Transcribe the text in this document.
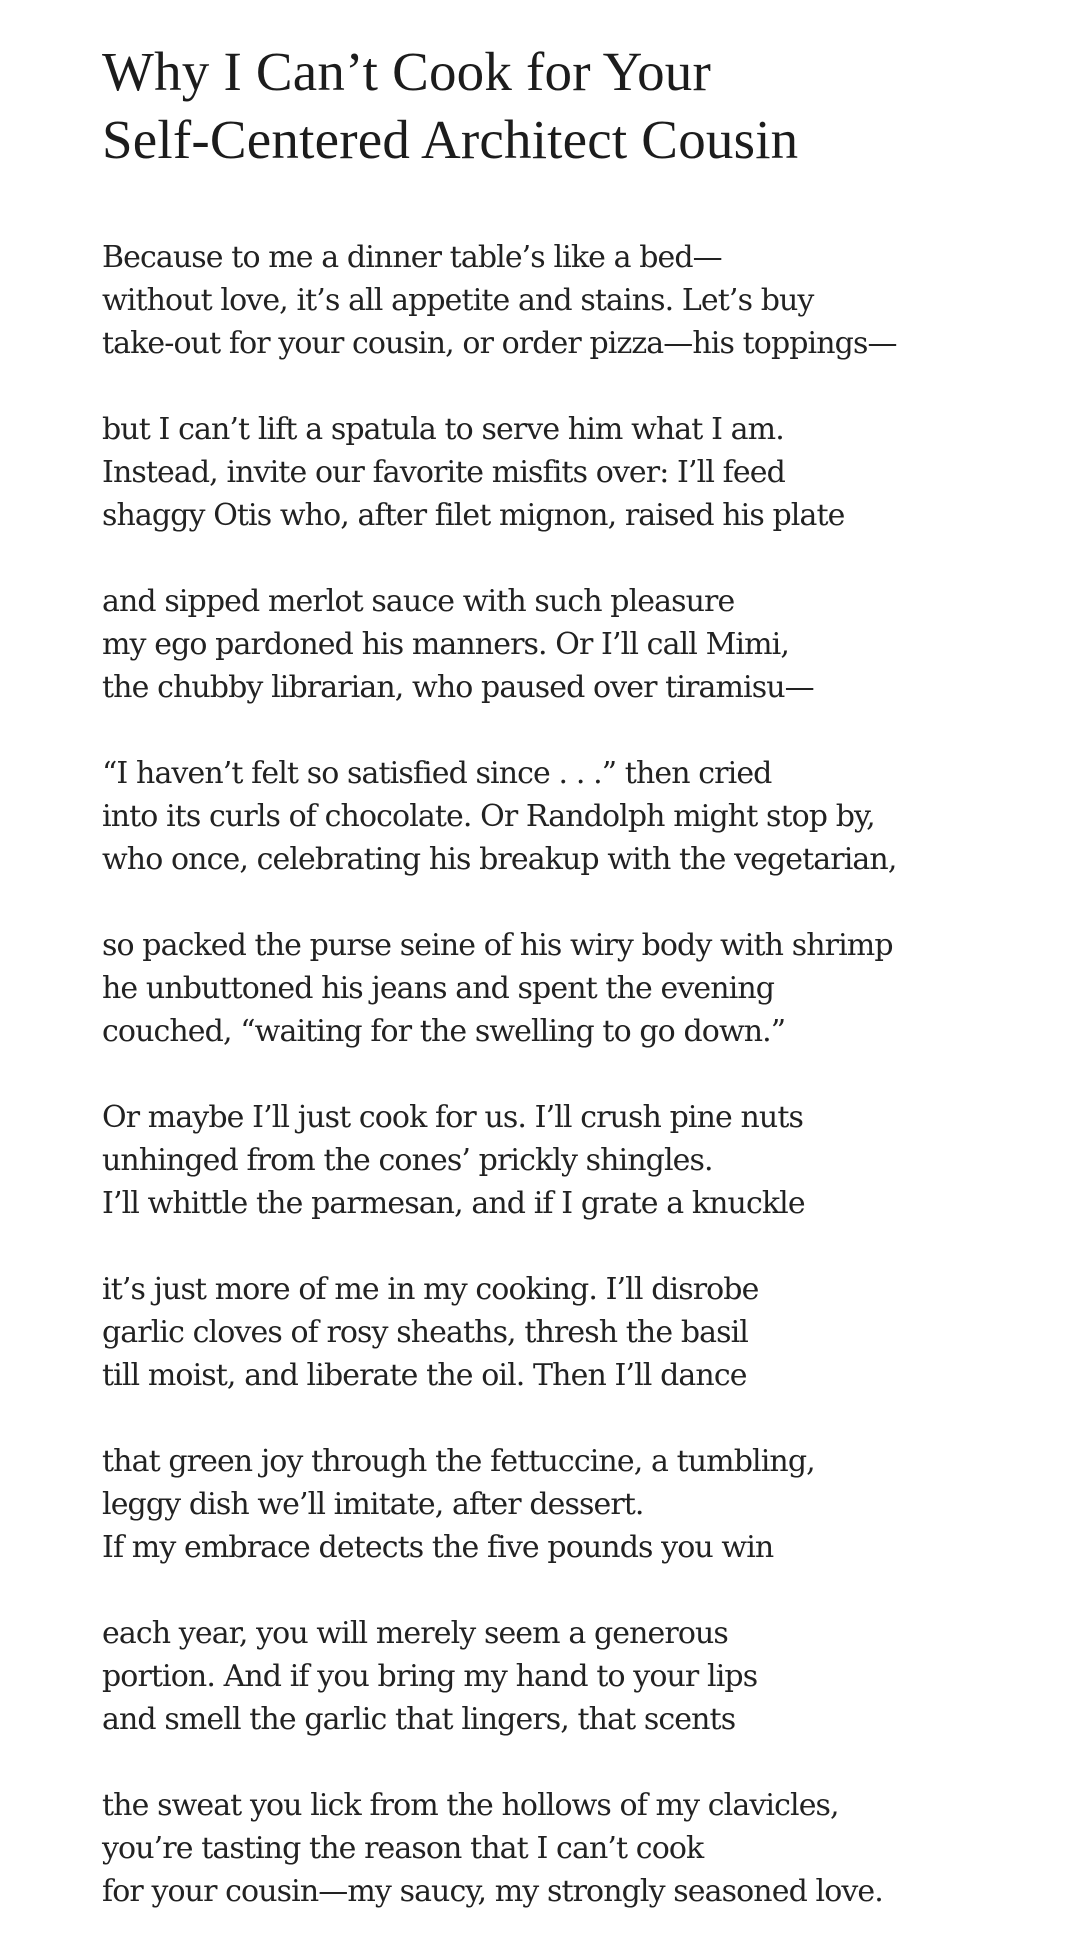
Why I Can’t Cook for Your
Self-Centered Architect Cousin
Because to me a dinner table’s like a bed—
without love, it’s all appetite and stains. Let’s buy
take-out for your cousin, or order pizza—his toppings—
but I can’t lift a spatula to serve him what I am.
Instead, invite our favorite misfits over: I’ll feed
shaggy Otis who, after filet mignon, raised his plate
and sipped merlot sauce with such pleasure
my ego pardoned his manners. Or I’ll call Mimi,
the chubby librarian, who paused over tiramisu—
“I haven’t felt so satisfied since . . .” then cried
into its curls of chocolate. Or Randolph might stop by,
who once, celebrating his breakup with the vegetarian,
so packed the purse seine of his wiry body with shrimp
he unbuttoned his jeans and spent the evening
couched, “waiting for the swelling to go down.”
Or maybe I’ll just cook for us. I’ll crush pine nuts
unhinged from the cones’ prickly shingles.
I’ll whittle the parmesan, and if I grate a knuckle
it’s just more of me in my cooking. I’ll disrobe
garlic cloves of rosy sheaths, thresh the basil
till moist, and liberate the oil. Then I’ll dance
that green joy through the fettuccine, a tumbling,
leggy dish we’ll imitate, after dessert.
If my embrace detects the five pounds you win
each year, you will merely seem a generous
portion. And if you bring my hand to your lips
and smell the garlic that lingers, that scents
the sweat you lick from the hollows of my clavicles,
you’re tasting the reason that I can’t cook
for your cousin—my saucy, my strongly seasoned love.
